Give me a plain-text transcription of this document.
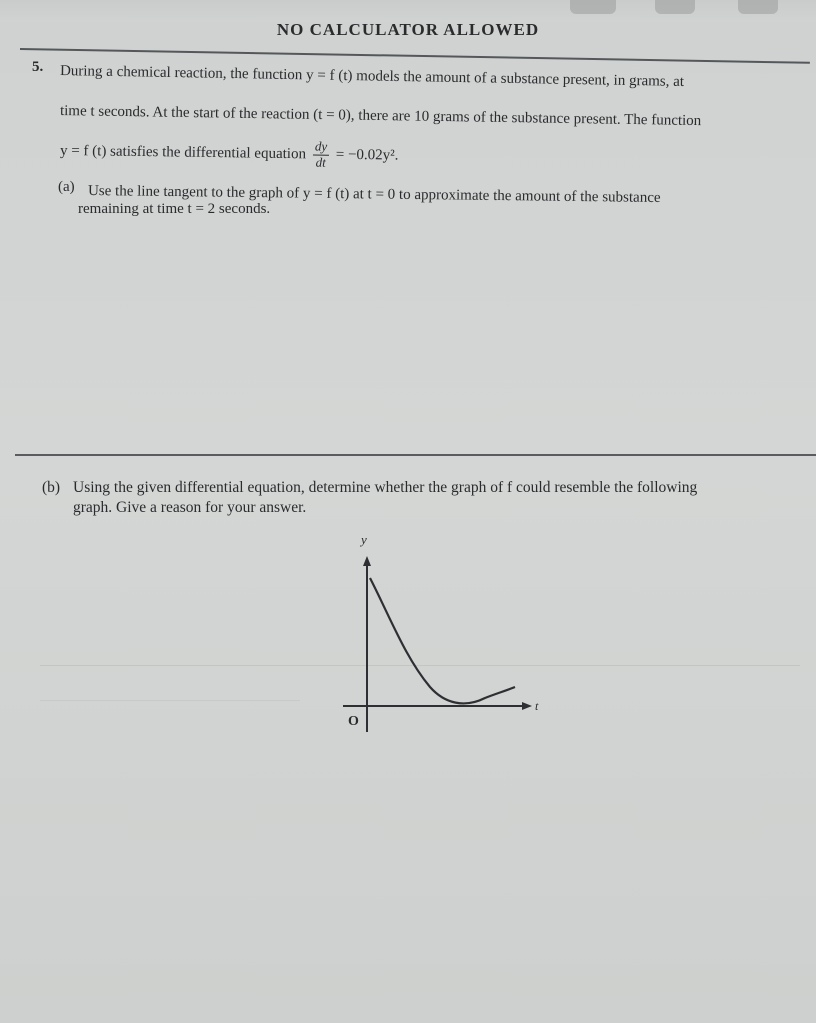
NO CALCULATOR ALLOWED
5. During a chemical reaction, the function y = f (t) models the amount of a substance present, in grams, at
time t seconds. At the start of the reaction (t = 0), there are 10 grams of the substance present. The function
y = f (t) satisfies the differential equation $\frac{dy}{dt} = -0.02y^2$.
(a) Use the line tangent to the graph of y = f (t) at t = 0 to approximate the amount of the substance
remaining at time t = 2 seconds.
(b) Using the given differential equation, determine whether the graph of f could resemble the following
graph. Give a reason for your answer.
y
t
O
